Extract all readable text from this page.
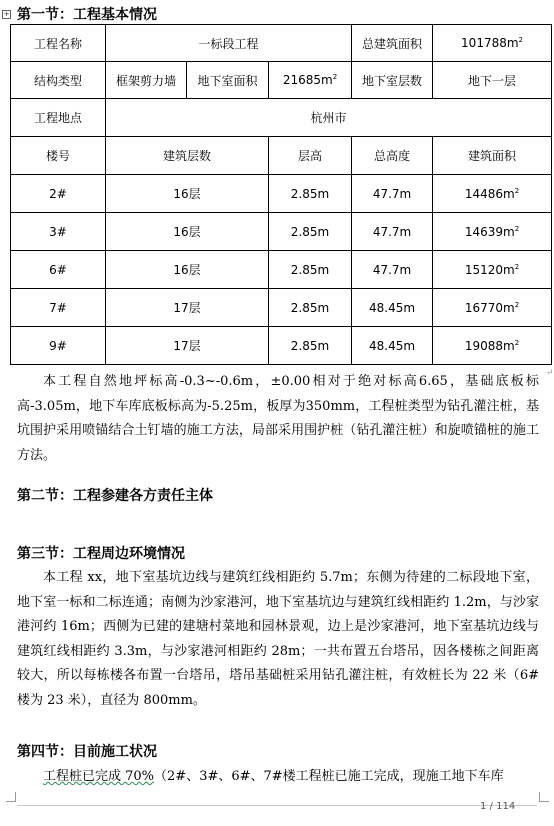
+ 第一节：工程基本情况
工程名称	一标段工程			总建筑面积	$101788m^2$
结构类型	框架剪力墙	地下室面积	$21685m^2$	地下室层数	地下一层
工程地点	杭州市				
楼号	建筑层数		层高	总高度	建筑面积
2#	16层		2.85m	47.7m	$14486m^2$
3#	16层		2.85m	47.7m	$14639m^2$
6#	16层		2.85m	47.7m	$15120m^2$
7#	17层		2.85m	48.45m	$16770m^2$
9#	17层		2.85m	48.45m	$19088m^2$
↵
本工程自然地坪标高-0.3~-0.6m，±0.00相对于绝对标高6.65，基础底板标高-3.05m，地下车库底板标高为-5.25m，板厚为350mm，工程桩类型为钻孔灌注桩，基坑围护采用喷锚结合土钉墙的施工方法，局部采用围护桩（钻孔灌注桩）和旋喷锚桩的施工方法。
第二节：工程参建各方责任主体
第三节：工程周边环境情况
本工程 xx，地下室基坑边线与建筑红线相距约 5.7m；东侧为待建的二标段地下室，地下室一标和二标连通；南侧为沙家港河，地下室基坑边与建筑红线相距约 1.2m，与沙家港河约 16m；西侧为已建的建塘村菜地和园林景观，边上是沙家港河，地下室基坑边线与建筑红线相距约 3.3m，与沙家港河相距约 28m；一共布置五台塔吊，因各楼栋之间距离较大，所以每栋楼各布置一台塔吊，塔吊基础桩采用钻孔灌注桩，有效桩长为 22 米（6#楼为 23 米），直径为 800mm。
第四节：目前施工状况
工程桩已完成 70%（2#、3#、6#、7#楼工程桩已施工完成，现施工地下车库
1 / 114
